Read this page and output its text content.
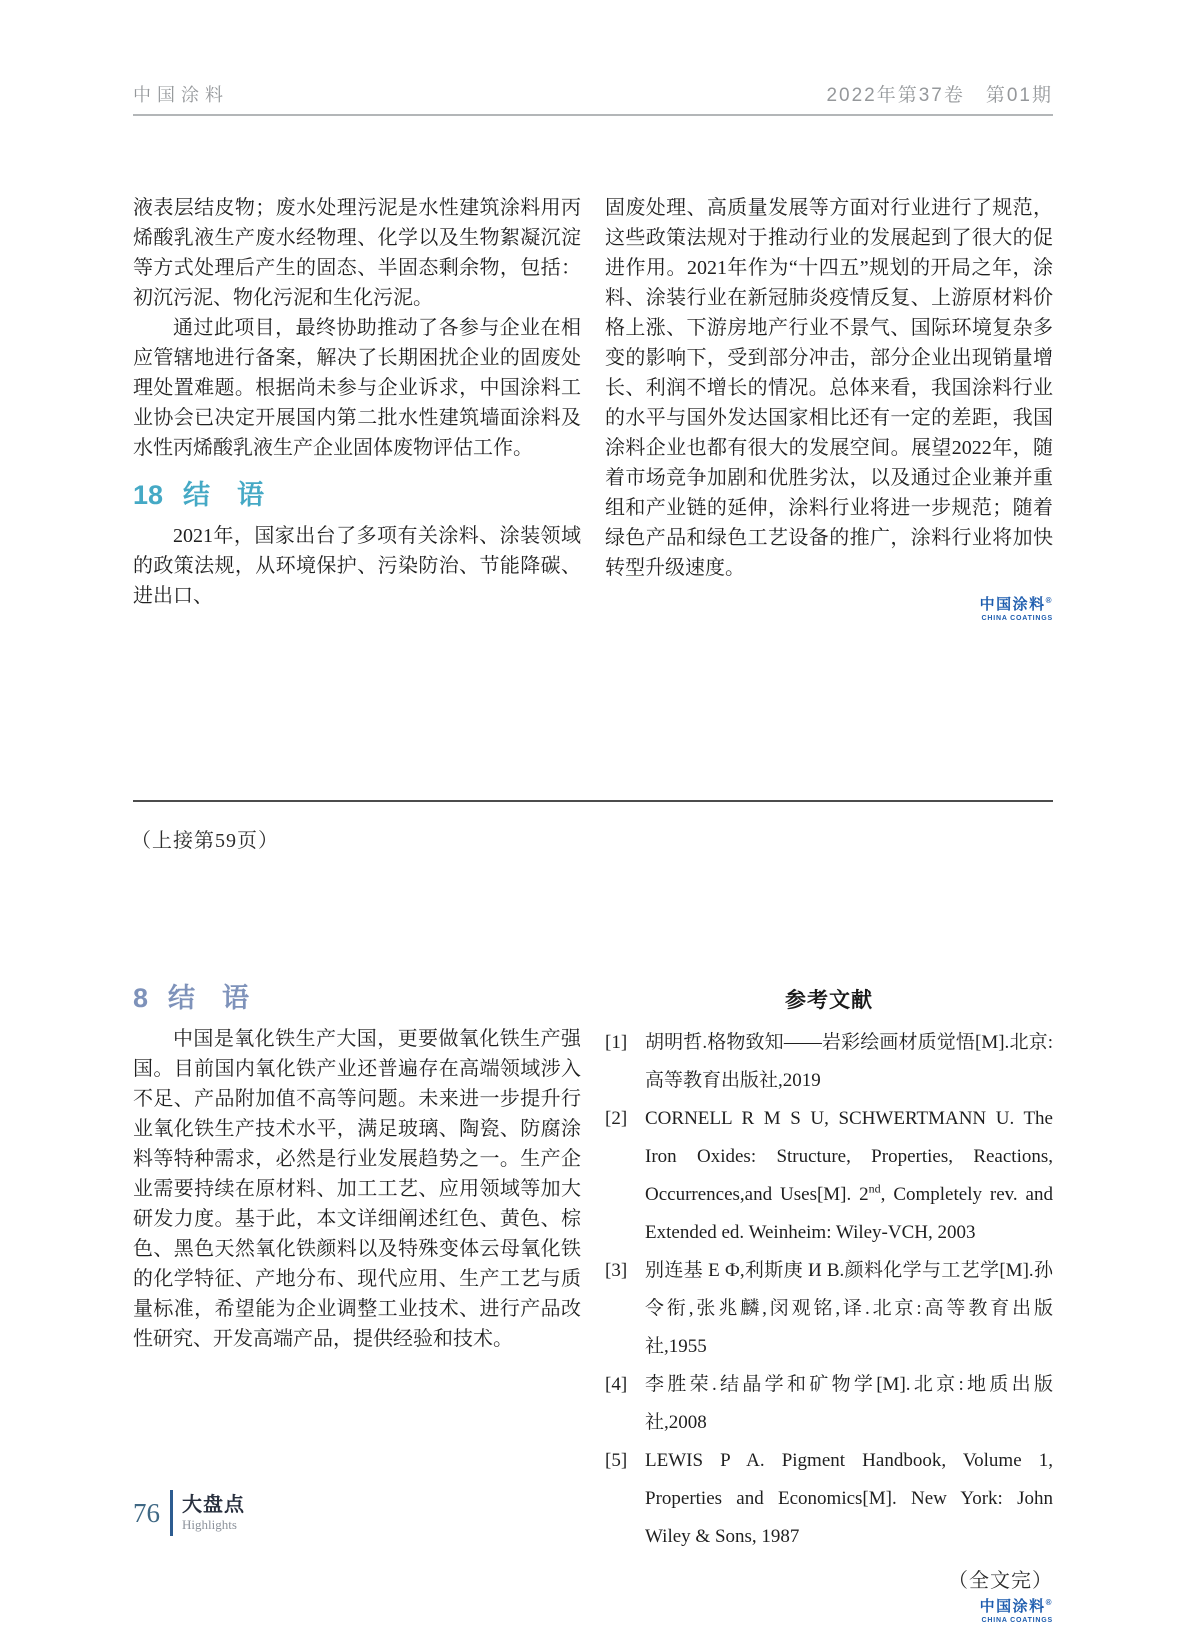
中国涂料	2022年第37卷　第01期

液表层结皮物；废水处理污泥是水性建筑涂料用丙烯酸乳液生产废水经物理、化学以及生物絮凝沉淀等方式处理后产生的固态、半固态剩余物，包括：初沉污泥、物化污泥和生化污泥。

通过此项目，最终协助推动了各参与企业在相应管辖地进行备案，解决了长期困扰企业的固废处理处置难题。根据尚未参与企业诉求，中国涂料工业协会已决定开展国内第二批水性建筑墙面涂料及水性丙烯酸乳液生产企业固体废物评估工作。

18 结　语

2021年，国家出台了多项有关涂料、涂装领域的政策法规，从环境保护、污染防治、节能降碳、进出口、

固废处理、高质量发展等方面对行业进行了规范，这些政策法规对于推动行业的发展起到了很大的促进作用。2021年作为“十四五”规划的开局之年，涂料、涂装行业在新冠肺炎疫情反复、上游原材料价格上涨、下游房地产行业不景气、国际环境复杂多变的影响下，受到部分冲击，部分企业出现销量增长、利润不增长的情况。总体来看，我国涂料行业的水平与国外发达国家相比还有一定的差距，我国涂料企业也都有很大的发展空间。展望2022年，随着市场竞争加剧和优胜劣汰，以及通过企业兼并重组和产业链的延伸，涂料行业将进一步规范；随着绿色产品和绿色工艺设备的推广，涂料行业将加快转型升级速度。

中国涂料®
CHINA COATINGS
（上接第59页）
8 结　语

中国是氧化铁生产大国，更要做氧化铁生产强国。目前国内氧化铁产业还普遍存在高端领域涉入不足、产品附加值不高等问题。未来进一步提升行业氧化铁生产技术水平，满足玻璃、陶瓷、防腐涂料等特种需求，必然是行业发展趋势之一。生产企业需要持续在原材料、加工工艺、应用领域等加大研发力度。基于此，本文详细阐述红色、黄色、棕色、黑色天然氧化铁颜料以及特殊变体云母氧化铁的化学特征、产地分布、现代应用、生产工艺与质量标准，希望能为企业调整工业技术、进行产品改性研究、开发高端产品，提供经验和技术。

参考文献
[1] 胡明哲.格物致知——岩彩绘画材质觉悟[M].北京:高等教育出版社,2019
[2] CORNELL R M S U, SCHWERTMANN U. The Iron Oxides: Structure, Properties, Reactions, Occurrences,and Uses[M]. 2nd, Completely rev. and Extended ed. Weinheim: Wiley-VCH, 2003
[3] 别连基 Е Ф,利斯庚 И В.颜料化学与工艺学[M].孙令衔,张兆麟,闵观铭,译.北京:高等教育出版社,1955
[4] 李胜荣.结晶学和矿物学[M].北京:地质出版社,2008
[5] LEWIS P A. Pigment Handbook, Volume 1, Properties and Economics[M]. New York: John Wiley & Sons, 1987
（全文完）
中国涂料®
CHINA COATINGS
76 大盘点
Highlights
